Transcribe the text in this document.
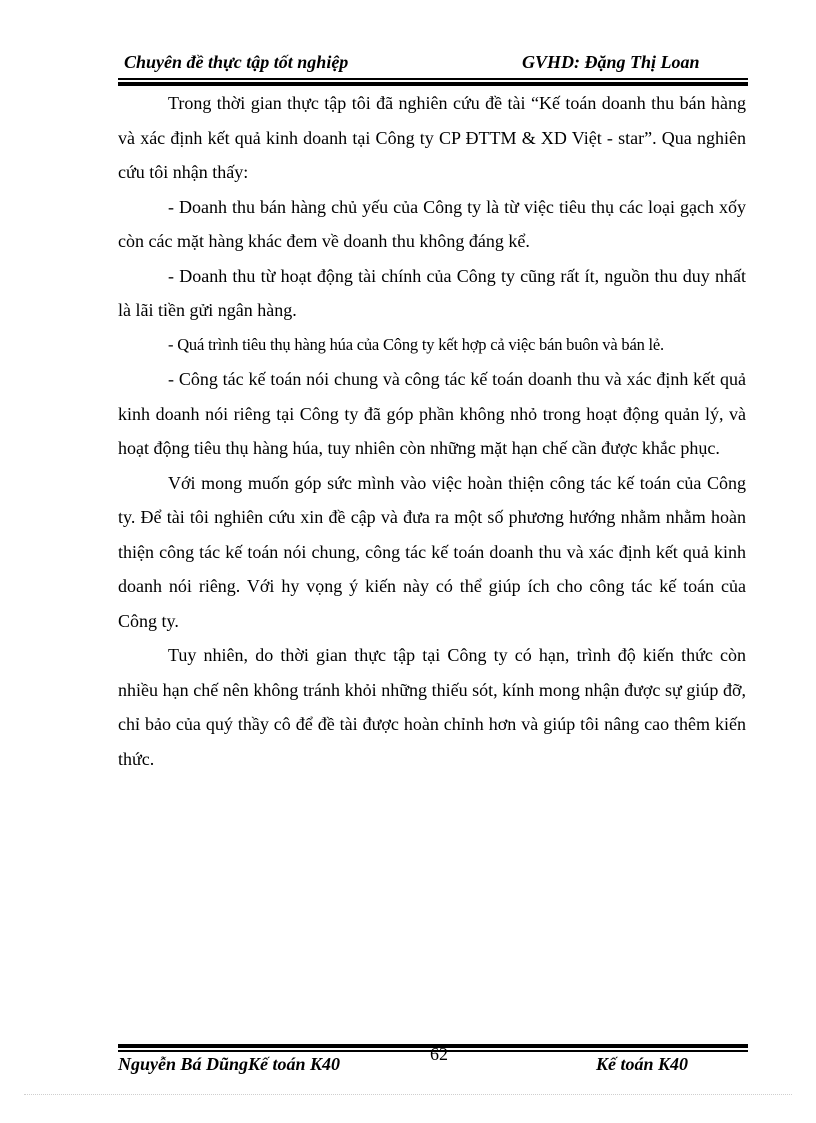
Chuyên đề thực tập tốt nghiệp	GVHD: Đặng Thị Loan

Trong thời gian thực tập tôi đã nghiên cứu đề tài “Kế toán doanh thu bán hàng và xác định kết quả kinh doanh tại Công ty CP ĐTTM & XD Việt - star”. Qua nghiên cứu tôi nhận thấy:

- Doanh thu bán hàng chủ yếu của Công ty là từ việc tiêu thụ các loại gạch xốy còn các mặt hàng khác đem về doanh thu không đáng kể.

- Doanh thu từ hoạt động tài chính của Công ty cũng rất ít, nguồn thu duy nhất là lãi tiền gửi ngân hàng.

- Quá trình tiêu thụ hàng húa của Công ty kết hợp cả việc bán buôn và bán lẻ.

- Công tác kế toán nói chung và công tác kế toán doanh thu và xác định kết quả kinh doanh nói riêng tại Công ty đã góp phần không nhỏ trong hoạt động quản lý, và hoạt động tiêu thụ hàng húa, tuy nhiên còn những mặt hạn chế cần được khắc phục.

Với mong muốn góp sức mình vào việc hoàn thiện công tác kế toán của Công ty. Để tài tôi nghiên cứu xin đề cập và đưa ra một số phương hướng nhằm nhằm hoàn thiện công tác kế toán nói chung, công tác kế toán doanh thu và xác định kết quả kinh doanh nói riêng. Với hy vọng ý kiến này có thể giúp ích cho công tác kế toán của Công ty.

Tuy nhiên, do thời gian thực tập tại Công ty có hạn, trình độ kiến thức còn nhiều hạn chế nên không tránh khỏi những thiếu sót, kính mong nhận được sự giúp đỡ, chỉ bảo của quý thầy cô để đề tài được hoàn chỉnh hơn và giúp tôi nâng cao thêm kiến thức.

Nguyễn Bá DũngKế toán K40	62	Kế toán K40
